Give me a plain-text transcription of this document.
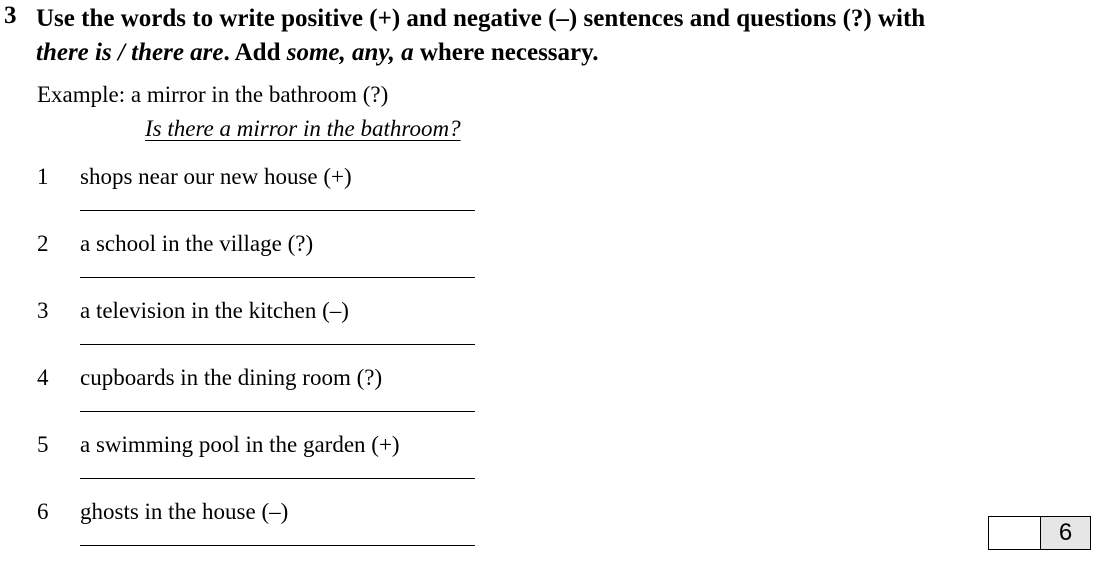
3 Use the words to write positive (+) and negative (–) sentences and questions (?) with
there is / there are. Add some, any, a where necessary.
Example: a mirror in the bathroom (?)
Is there a mirror in the bathroom?
1 shops near our new house (+)
2 a school in the village (?)
3 a television in the kitchen (–)
4 cupboards in the dining room (?)
5 a swimming pool in the garden (+)
6 ghosts in the house (–)
6
